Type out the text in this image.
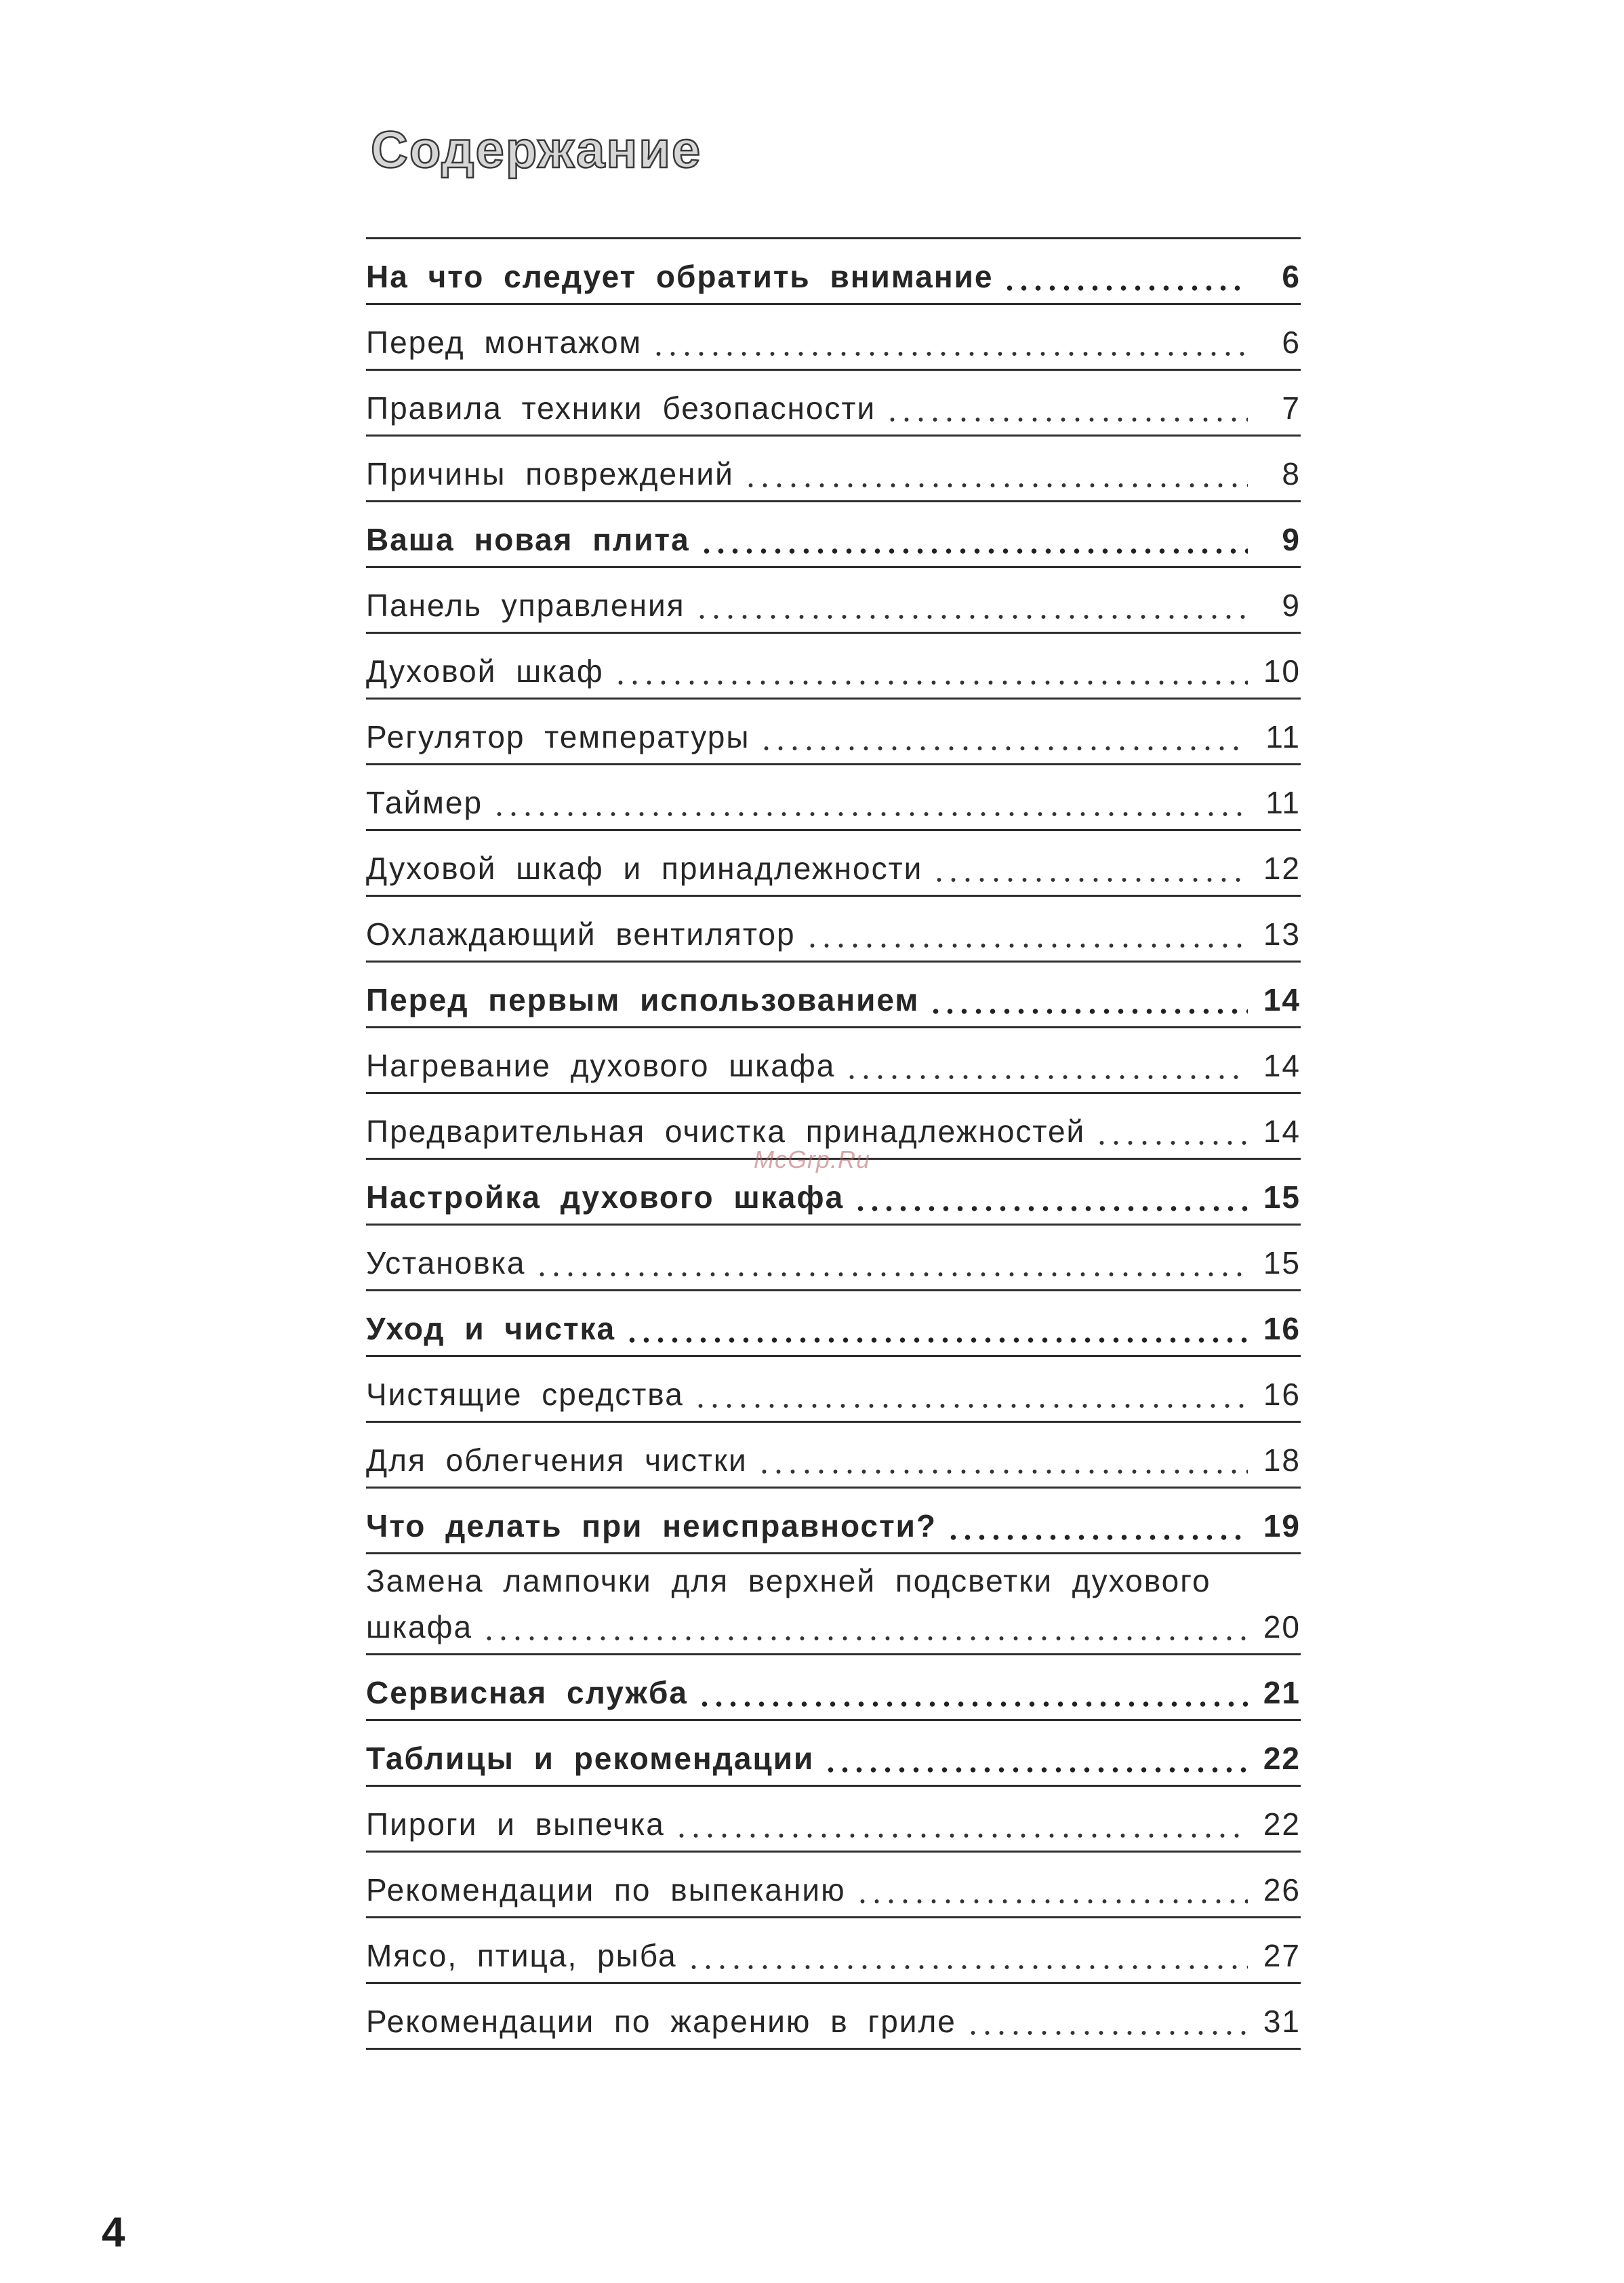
Содержание
На что следует обратить внимание	6
Перед монтажом	6
Правила техники безопасности	7
Причины повреждений	8
Ваша новая плита	9
Панель управления	9
Духовой шкаф	10
Регулятор температуры	11
Таймер	11
Духовой шкаф и принадлежности	12
Охлаждающий вентилятор	13
Перед первым использованием	14
Нагревание духового шкафа	14
Предварительная очистка принадлежностей	14
Настройка духового шкафа	15
Установка	15
Уход и чистка	16
Чистящие средства	16
Для облегчения чистки	18
Что делать при неисправности?	19
Замена лампочки для верхней подсветки духового
шкафа	20
Сервисная служба	21
Таблицы и рекомендации	22
Пироги и выпечка	22
Рекомендации по выпеканию	26
Мясо, птица, рыба	27
Рекомендации по жарению в гриле	31
McGrp.Ru

4
